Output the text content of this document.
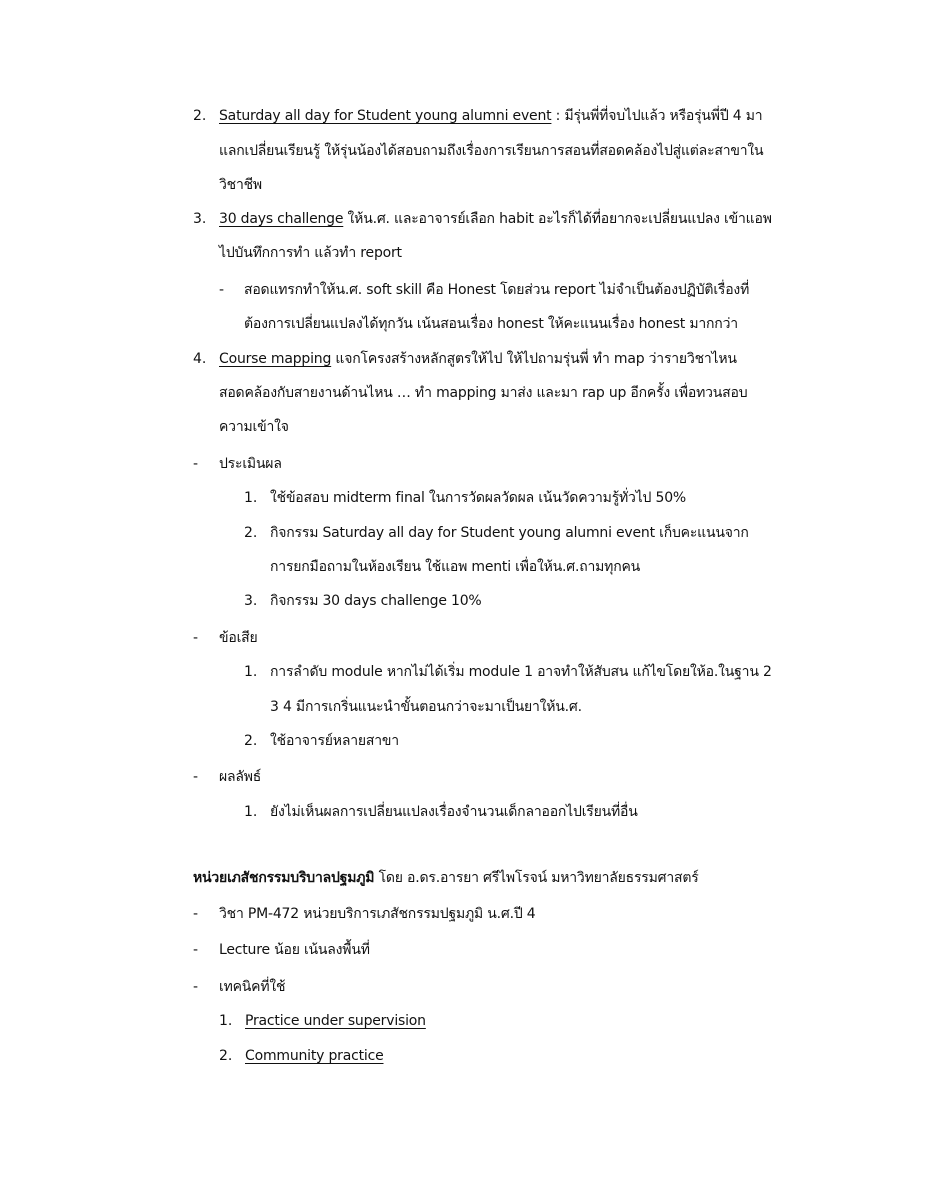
2. Saturday all day for Student young alumni event : มีรุ่นพี่ที่จบไปแล้ว หรือรุ่นพี่ปี 4 มา
แลกเปลี่ยนเรียนรู้ ให้รุ่นน้องได้สอบถามถึงเรื่องการเรียนการสอนที่สอดคล้องไปสู่แต่ละสาขาใน
วิชาชีพ
3. 30 days challenge ให้น.ศ. และอาจารย์เลือก habit อะไรก็ได้ที่อยากจะเปลี่ยนแปลง เข้าแอพ
ไปบันทึกการทำ แล้วทำ report
- สอดแทรกทำให้น.ศ. soft skill คือ Honest โดยส่วน report ไม่จำเป็นต้องปฏิบัติเรื่องที่
ต้องการเปลี่ยนแปลงได้ทุกวัน เน้นสอนเรื่อง honest ให้คะแนนเรื่อง honest มากกว่า
4. Course mapping แจกโครงสร้างหลักสูตรให้ไป ให้ไปถามรุ่นพี่ ทำ map ว่ารายวิชาไหน
สอดคล้องกับสายงานด้านไหน … ทำ mapping มาส่ง และมา rap up อีกครั้ง เพื่อทวนสอบ
ความเข้าใจ
- ประเมินผล
1. ใช้ข้อสอบ midterm final ในการวัดผลวัดผล เน้นวัดความรู้ทั่วไป 50%
2. กิจกรรม Saturday all day for Student young alumni event เก็บคะแนนจาก
การยกมือถามในห้องเรียน ใช้แอพ menti เพื่อให้น.ศ.ถามทุกคน
3. กิจกรรม 30 days challenge 10%
- ข้อเสีย
1. การลำดับ module หากไม่ได้เริ่ม module 1 อาจทำให้สับสน แก้ไขโดยให้อ.ในฐาน 2
3 4 มีการเกริ่นแนะนำขั้นตอนกว่าจะมาเป็นยาให้น.ศ.
2. ใช้อาจารย์หลายสาขา
- ผลลัพธ์
1. ยังไม่เห็นผลการเปลี่ยนแปลงเรื่องจำนวนเด็กลาออกไปเรียนที่อื่น
หน่วยเภสัชกรรมบริบาลปฐมภูมิ โดย อ.ดร.อารยา ศรีไพโรจน์ มหาวิทยาลัยธรรมศาสตร์
- วิชา PM-472 หน่วยบริการเภสัชกรรมปฐมภูมิ น.ศ.ปี 4
- Lecture น้อย เน้นลงพื้นที่
- เทคนิคที่ใช้
1. Practice under supervision
2. Community practice
